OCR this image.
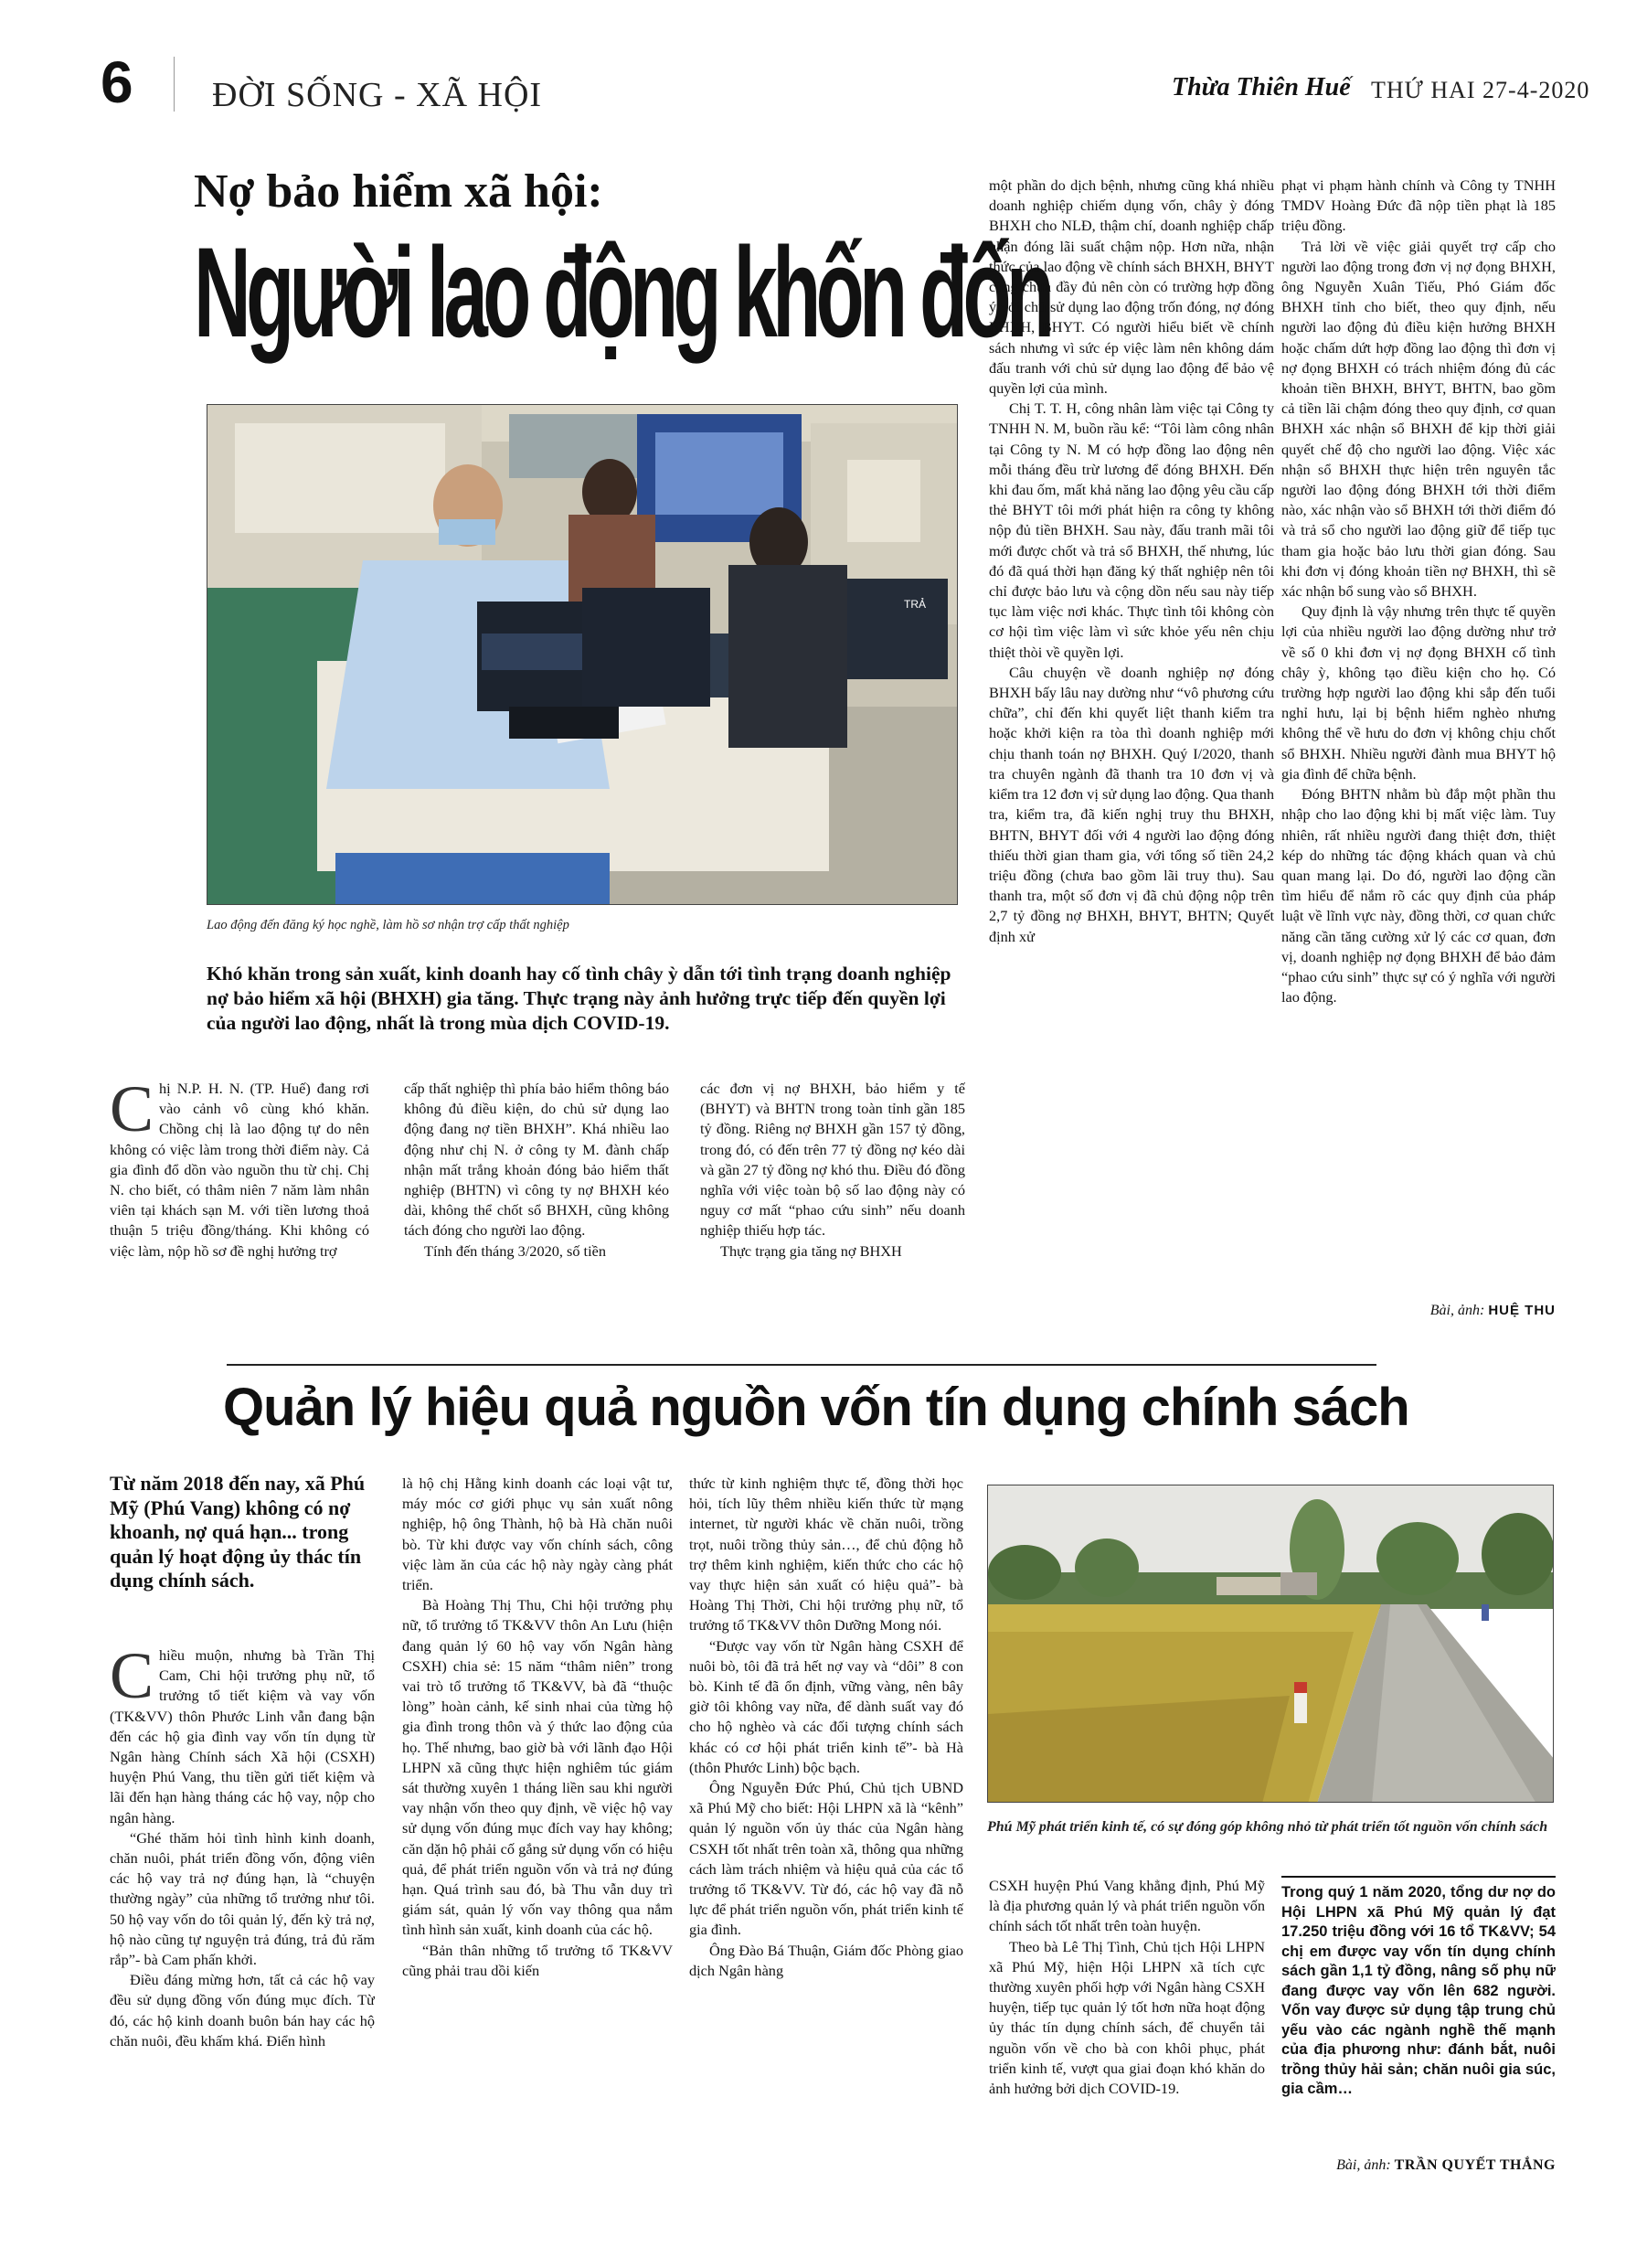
6 ĐỜI SỐNG - XÃ HỘI	Thừa Thiên Huế THỨ HAI 27-4-2020
Nợ bảo hiểm xã hội:
Người lao động khốn đốn
TRẢ
Lao động đến đăng ký học nghề, làm hồ sơ nhận trợ cấp thất nghiệp
Khó khăn trong sản xuất, kinh doanh hay cố tình chây ỳ dẫn tới tình trạng doanh nghiệp nợ bảo hiểm xã hội (BHXH) gia tăng. Thực trạng này ảnh hưởng trực tiếp đến quyền lợi của người lao động, nhất là trong mùa dịch COVID-19.

Chị N.P. H. N. (TP. Huế) đang rơi vào cảnh vô cùng khó khăn. Chồng chị là lao động tự do nên không có việc làm trong thời điểm này. Cả gia đình đổ dồn vào nguồn thu từ chị. Chị N. cho biết, có thâm niên 7 năm làm nhân viên tại khách sạn M. với tiền lương thoả thuận 5 triệu đồng/tháng. Khi không có việc làm, nộp hồ sơ đề nghị hưởng trợ

cấp thất nghiệp thì phía bảo hiểm thông báo không đủ điều kiện, do chủ sử dụng lao động đang nợ tiền BHXH”. Khá nhiều lao động như chị N. ở công ty M. đành chấp nhận mất trắng khoản đóng bảo hiểm thất nghiệp (BHTN) vì công ty nợ BHXH kéo dài, không thể chốt sổ BHXH, cũng không tách đóng cho người lao động.

Tính đến tháng 3/2020, số tiền

các đơn vị nợ BHXH, bảo hiểm y tế (BHYT) và BHTN trong toàn tỉnh gần 185 tỷ đồng. Riêng nợ BHXH gần 157 tỷ đồng, trong đó, có đến trên 77 tỷ đồng nợ kéo dài và gần 27 tỷ đồng nợ khó thu. Điều đó đồng nghĩa với việc toàn bộ số lao động này có nguy cơ mất “phao cứu sinh” nếu doanh nghiệp thiếu hợp tác.

Thực trạng gia tăng nợ BHXH

một phần do dịch bệnh, nhưng cũng khá nhiều doanh nghiệp chiếm dụng vốn, chây ỳ đóng BHXH cho NLĐ, thậm chí, doanh nghiệp chấp nhận đóng lãi suất chậm nộp. Hơn nữa, nhận thức của lao động về chính sách BHXH, BHYT cũng chưa đầy đủ nên còn có trường hợp đồng ý với chủ sử dụng lao động trốn đóng, nợ đóng BHXH, BHYT. Có người hiểu biết về chính sách nhưng vì sức ép việc làm nên không dám đấu tranh với chủ sử dụng lao động để bảo vệ quyền lợi của mình.

Chị T. T. H, công nhân làm việc tại Công ty TNHH N. M, buồn rầu kể: “Tôi làm công nhân tại Công ty N. M có hợp đồng lao động nên mỗi tháng đều trừ lương để đóng BHXH. Đến khi đau ốm, mất khả năng lao động yêu cầu cấp thẻ BHYT tôi mới phát hiện ra công ty không nộp đủ tiền BHXH. Sau này, đấu tranh mãi tôi mới được chốt và trả sổ BHXH, thế nhưng, lúc đó đã quá thời hạn đăng ký thất nghiệp nên tôi chỉ được bảo lưu và cộng dồn nếu sau này tiếp tục làm việc nơi khác. Thực tình tôi không còn cơ hội tìm việc làm vì sức khỏe yếu nên chịu thiệt thòi về quyền lợi.

Câu chuyện về doanh nghiệp nợ đóng BHXH bấy lâu nay dường như “vô phương cứu chữa”, chỉ đến khi quyết liệt thanh kiểm tra hoặc khởi kiện ra tòa thì doanh nghiệp mới chịu thanh toán nợ BHXH. Quý I/2020, thanh tra chuyên ngành đã thanh tra 10 đơn vị và kiểm tra 12 đơn vị sử dụng lao động. Qua thanh tra, kiểm tra, đã kiến nghị truy thu BHXH, BHTN, BHYT đối với 4 người lao động đóng thiếu thời gian tham gia, với tổng số tiền 24,2 triệu đồng (chưa bao gồm lãi truy thu). Sau thanh tra, một số đơn vị đã chủ động nộp trên 2,7 tỷ đồng nợ BHXH, BHYT, BHTN; Quyết định xử

phạt vi phạm hành chính và Công ty TNHH TMDV Hoàng Đức đã nộp tiền phạt là 185 triệu đồng.

Trả lời về việc giải quyết trợ cấp cho người lao động trong đơn vị nợ đọng BHXH, ông Nguyễn Xuân Tiếu, Phó Giám đốc BHXH tỉnh cho biết, theo quy định, nếu người lao động đủ điều kiện hưởng BHXH hoặc chấm dứt hợp đồng lao động thì đơn vị nợ đọng BHXH có trách nhiệm đóng đủ các khoản tiền BHXH, BHYT, BHTN, bao gồm cả tiền lãi chậm đóng theo quy định, cơ quan BHXH xác nhận sổ BHXH để kịp thời giải quyết chế độ cho người lao động. Việc xác nhận sổ BHXH thực hiện trên nguyên tắc người lao động đóng BHXH tới thời điểm nào, xác nhận vào sổ BHXH tới thời điểm đó và trả sổ cho người lao động giữ để tiếp tục tham gia hoặc bảo lưu thời gian đóng. Sau khi đơn vị đóng khoản tiền nợ BHXH, thì sẽ xác nhận bổ sung vào sổ BHXH.

Quy định là vậy nhưng trên thực tế quyền lợi của nhiều người lao động dường như trở về số 0 khi đơn vị nợ đọng BHXH cố tình chây ỳ, không tạo điều kiện cho họ. Có trường hợp người lao động khi sắp đến tuổi nghỉ hưu, lại bị bệnh hiểm nghèo nhưng không thể về hưu do đơn vị không chịu chốt sổ BHXH. Nhiều người đành mua BHYT hộ gia đình để chữa bệnh.

Đóng BHTN nhằm bù đắp một phần thu nhập cho lao động khi bị mất việc làm. Tuy nhiên, rất nhiều người đang thiệt đơn, thiệt kép do những tác động khách quan và chủ quan mang lại. Do đó, người lao động cần tìm hiểu để nắm rõ các quy định của pháp luật về lĩnh vực này, đồng thời, cơ quan chức năng cần tăng cường xử lý các cơ quan, đơn vị, doanh nghiệp nợ đọng BHXH để bảo đảm “phao cứu sinh” thực sự có ý nghĩa với người lao động.

Bài, ảnh: HUỆ THU
Quản lý hiệu quả nguồn vốn tín dụng chính sách
Từ năm 2018 đến nay, xã Phú Mỹ (Phú Vang) không có nợ khoanh, nợ quá hạn... trong quản lý hoạt động ủy thác tín dụng chính sách.

Chiều muộn, nhưng bà Trần Thị Cam, Chi hội trưởng phụ nữ, tổ trưởng tổ tiết kiệm và vay vốn (TK&VV) thôn Phước Linh vẫn đang bận đến các hộ gia đình vay vốn tín dụng từ Ngân hàng Chính sách Xã hội (CSXH) huyện Phú Vang, thu tiền gửi tiết kiệm và lãi đến hạn hàng tháng các hộ vay, nộp cho ngân hàng.

“Ghé thăm hỏi tình hình kinh doanh, chăn nuôi, phát triển đồng vốn, động viên các hộ vay trả nợ đúng hạn, là “chuyện thường ngày” của những tổ trưởng như tôi. 50 hộ vay vốn do tôi quản lý, đến kỳ trả nợ, hộ nào cũng tự nguyện trả đúng, trả đủ răm rắp”- bà Cam phấn khởi.

Điều đáng mừng hơn, tất cả các hộ vay đều sử dụng đồng vốn đúng mục đích. Từ đó, các hộ kinh doanh buôn bán hay các hộ chăn nuôi, đều khấm khá. Điển hình

là hộ chị Hằng kinh doanh các loại vật tư, máy móc cơ giới phục vụ sản xuất nông nghiệp, hộ ông Thành, hộ bà Hà chăn nuôi bò. Từ khi được vay vốn chính sách, công việc làm ăn của các hộ này ngày càng phát triển.

Bà Hoàng Thị Thu, Chi hội trưởng phụ nữ, tổ trưởng tổ TK&VV thôn An Lưu (hiện đang quản lý 60 hộ vay vốn Ngân hàng CSXH) chia sẻ: 15 năm “thâm niên” trong vai trò tổ trưởng tổ TK&VV, bà đã “thuộc lòng” hoàn cảnh, kế sinh nhai của từng hộ gia đình trong thôn và ý thức lao động của họ. Thế nhưng, bao giờ bà với lãnh đạo Hội LHPN xã cũng thực hiện nghiêm túc giám sát thường xuyên 1 tháng liền sau khi người vay nhận vốn theo quy định, về việc hộ vay sử dụng vốn đúng mục đích vay hay không; căn dặn hộ phải cố gắng sử dụng vốn có hiệu quả, để phát triển nguồn vốn và trả nợ đúng hạn. Quá trình sau đó, bà Thu vẫn duy trì giám sát, quản lý vốn vay thông qua nắm tình hình sản xuất, kinh doanh của các hộ.

“Bản thân những tổ trưởng tổ TK&VV cũng phải trau dồi kiến

thức từ kinh nghiệm thực tế, đồng thời học hỏi, tích lũy thêm nhiều kiến thức từ mạng internet, từ người khác về chăn nuôi, trồng trọt, nuôi trồng thủy sản…, để chủ động hỗ trợ thêm kinh nghiệm, kiến thức cho các hộ vay thực hiện sản xuất có hiệu quả”- bà Hoàng Thị Thời, Chi hội trưởng phụ nữ, tổ trưởng tổ TK&VV thôn Dưỡng Mong nói.

“Được vay vốn từ Ngân hàng CSXH để nuôi bò, tôi đã trả hết nợ vay và “dôi” 8 con bò. Kinh tế đã ổn định, vững vàng, nên bây giờ tôi không vay nữa, để dành suất vay đó cho hộ nghèo và các đối tượng chính sách khác có cơ hội phát triển kinh tế”- bà Hà (thôn Phước Linh) bộc bạch.

Ông Nguyễn Đức Phú, Chủ tịch UBND xã Phú Mỹ cho biết: Hội LHPN xã là “kênh” quản lý nguồn vốn ủy thác của Ngân hàng CSXH tốt nhất trên toàn xã, thông qua những cách làm trách nhiệm và hiệu quả của các tổ trưởng tổ TK&VV. Từ đó, các hộ vay đã nỗ lực để phát triển nguồn vốn, phát triển kinh tế gia đình.

Ông Đào Bá Thuận, Giám đốc Phòng giao dịch Ngân hàng

Phú Mỹ phát triển kinh tế, có sự đóng góp không nhỏ từ phát triển tốt nguồn vốn chính sách

CSXH huyện Phú Vang khẳng định, Phú Mỹ là địa phương quản lý và phát triển nguồn vốn chính sách tốt nhất trên toàn huyện.

Theo bà Lê Thị Tình, Chủ tịch Hội LHPN xã Phú Mỹ, hiện Hội LHPN xã tích cực thường xuyên phối hợp với Ngân hàng CSXH huyện, tiếp tục quản lý tốt hơn nữa hoạt động ủy thác tín dụng chính sách, để chuyển tải nguồn vốn về cho bà con khôi phục, phát triển kinh tế, vượt qua giai đoạn khó khăn do ảnh hưởng bởi dịch COVID-19.

Trong quý 1 năm 2020, tổng dư nợ do Hội LHPN xã Phú Mỹ quản lý đạt 17.250 triệu đồng với 16 tổ TK&VV; 54 chị em được vay vốn tín dụng chính sách gần 1,1 tỷ đồng, nâng số phụ nữ đang được vay vốn lên 682 người. Vốn vay được sử dụng tập trung chủ yếu vào các ngành nghề thế mạnh của địa phương như: đánh bắt, nuôi trồng thủy hải sản; chăn nuôi gia súc, gia cầm…
Bài, ảnh: TRẦN QUYẾT THẮNG
